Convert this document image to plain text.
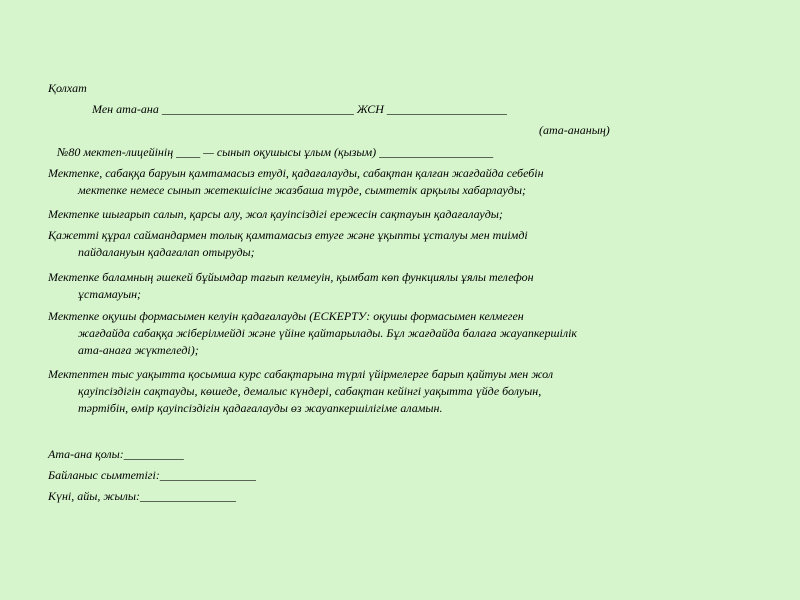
Қолхат
Мен ата-ана ________________________________ ЖСН ____________________
(ата-ананың)
№80 мектеп-лицейінің ____ — сынып оқушысы ұлым (қызым) ___________________
Мектепке, сабаққа баруын қамтамасыз етуді, қадағалауды, сабақтан қалған жағдайда себебін
мектепке немесе сынып жетекшісіне жазбаша түрде, сымтетік арқылы хабарлауды;
Мектепке шығарып салып, қарсы алу, жол қауіпсіздігі ережесін сақтауын қадағалауды;
Қажетті құрал саймандармен толық қамтамасыз етуге және ұқыпты ұсталуы мен тиімді
пайдалануын қадағалап отыруды;
Мектепке баламның әшекей бұйымдар тағып келмеуін, қымбат көп функциялы ұялы телефон
ұстамауын;
Мектепке оқушы формасымен келуін қадағалауды (ЕСКЕРТУ: оқушы формасымен келмеген
жағдайда сабаққа жіберілмейді және үйіне қайтарылады. Бұл жағдайда балаға жауапкершілік
ата-анаға жүктеледі);
Мектептен тыс уақытта қосымша курс сабақтарына түрлі үйірмелерге барып қайтуы мен жол
қауіпсіздігін сақтауды, көшеде, демалыс күндері, сабақтан кейінгі уақытта үйде болуын,
тәртібін, өмір қауіпсіздігін қадағалауды өз жауапкершілігіме аламын.
Ата-ана қолы:__________
Байланыс сымтетігі:________________
Күні, айы, жылы:________________
